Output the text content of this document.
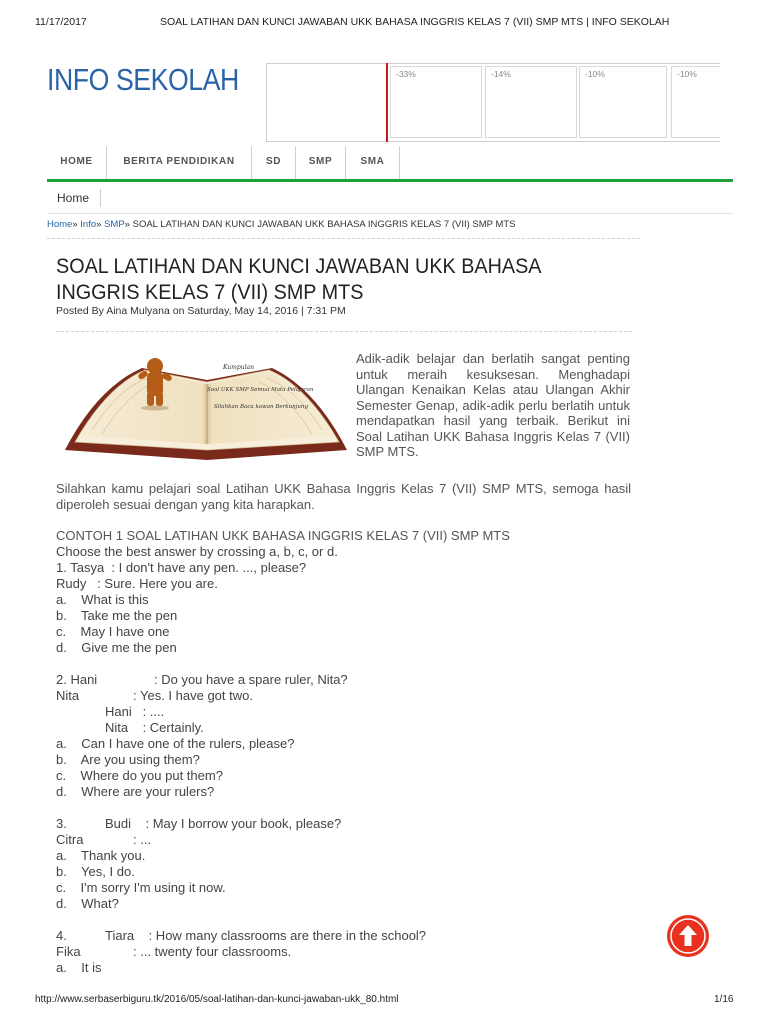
11/17/2017	SOAL LATIHAN DAN KUNCI JAWABAN UKK BAHASA INGGRIS KELAS 7 (VII) SMP MTS | INFO SEKOLAH
INFO SEKOLAH	-33%	-14%	-10%	-10%
HOME	BERITA PENDIDIKAN	SD	SMP	SMA
Home
Home» Info» SMP» SOAL LATIHAN DAN KUNCI JAWABAN UKK BAHASA INGGRIS KELAS 7 (VII) SMP MTS
SOAL LATIHAN DAN KUNCI JAWABAN UKK BAHASA INGGRIS KELAS 7 (VII) SMP MTS
Posted By Aina Mulyana on Saturday, May 14, 2016 | 7:31 PM
Kumpulan
Soal UKK SMP Semua Mata Pelajaran
Silahkan Baca kawan Berkunjung
Adik-adik belajar dan berlatih sangat penting untuk meraih kesuksesan. Menghadapi Ulangan Kenaikan Kelas atau Ulangan Akhir Semester Genap, adik-adik perlu berlatih untuk mendapatkan hasil yang terbaik. Berikut ini Soal Latihan UKK Bahasa Inggris Kelas 7 (VII) SMP MTS.
Silahkan kamu pelajari soal Latihan UKK Bahasa Inggris Kelas 7 (VII) SMP MTS, semoga hasil diperoleh sesuai dengan yang kita harapkan.
CONTOH 1 SOAL LATIHAN UKK BAHASA INGGRIS KELAS 7 (VII) SMP MTS
Choose the best answer by crossing a, b, c, or d.
1. Tasya  : I don't have any pen. ..., please?
Rudy   : Sure. Here you are.
a.    What is this
b.    Take me the pen
c.    May I have one
d.    Give me the pen
2. Hani	: Do you have a spare ruler, Nita?
Nita	: Yes. I have got two.
Hani   : ....
Nita    : Certainly.
a.    Can I have one of the rulers, please?
b.    Are you using them?
c.    Where do you put them?
d.    Where are your rulers?
3.	Budi    : May I borrow your book, please?
Citra	: ...
a.    Thank you.
b.    Yes, I do.
c.    I'm sorry I'm using it now.
d.    What?
4.	Tiara    : How many classrooms are there in the school?
Fika	: ... twenty four classrooms.
a.    It is
http://www.serbaserbiguru.tk/2016/05/soal-latihan-dan-kunci-jawaban-ukk_80.html	1/16
